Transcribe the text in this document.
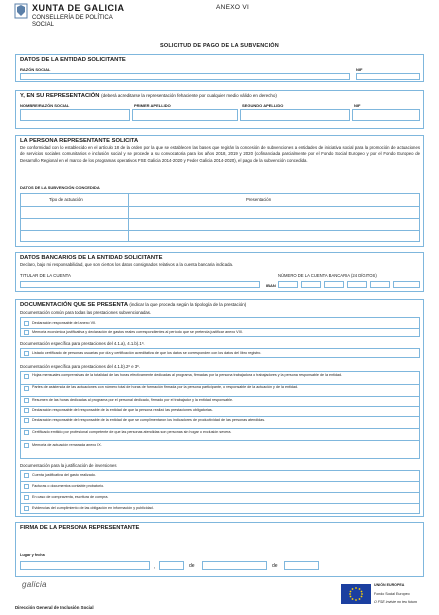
XUNTA DE GALICIA
CONSELLERÍA DE POLÍTICA
SOCIAL
ANEXO VI
SOLICITUD DE PAGO DE LA SUBVENCIÓN
DATOS DE LA ENTIDAD SOLICITANTE
RAZÓN SOCIAL	NIF
Y, EN SU REPRESENTACIÓN (deberá acreditarse la representación fehaciente por cualquier medio válido en derecho)
NOMBRE/RAZÓN SOCIAL	PRIMER APELLIDO	SEGUNDO APELLIDO	NIF
LA PERSONA REPRESENTANTE SOLICITA
De conformidad con lo establecido en el artículo 18 de la orden por la que se establecen las bases que regirán la concesión de subvenciones a entidades de iniciativa social para la promoción de actuaciones de servicios sociales comunitarios e inclusión social y se procede a su convocatoria para los años 2018, 2019 y 2020 (cofinanciada parcialmente por el Fondo Social Europeo y por el Fondo Europeo de Desarrollo Regional en el marco de los programas operativos FSE Galicia 2014-2020 y Feder Galicia 2014-2020), el pago de la subvención concedida.
DATOS DE LA SUBVENCIÓN CONCEDIDA
Tipo de actuación	Presentación
DATOS BANCARIOS DE LA ENTIDAD SOLICITANTE
Declaro, bajo mi responsabilidad, que son ciertos los datos consignados relativos a la cuenta bancaria indicada.
TITULAR DE LA CUENTA	NÚMERO DE LA CUENTA BANCARIA (24 DÍGITOS)
IBAN
DOCUMENTACIÓN QUE SE PRESENTA (indicar la que proceda según la tipología de la prestación)
Documentación común para todas las prestaciones subvencionadas.
Declaración responsable del anexo VII.
Memoria económica justificativa y declaración de gastos reales correspondientes al período que se pretenda justificar anexo VIII.
Documentación específica para prestaciones del 4.1.a), 4.1.b).1º.
Listado certificado de personas usuarias por día y certificación acreditativa de que los datos se corresponden con los datos del libro registro.
Documentación específica para prestaciones del 4.1.b).2º e 3º.
Hojas mensuales comprensivas de la totalidad de las horas efectivamente dedicadas al programa, firmadas por la persona trabajadora o trabajadores y la persona responsable de la entidad.
Partes de asistencia de las actuaciones con número total de horas de formación firmada por la persona participante, o responsable de la actuación y de la entidad.
Resumen de las horas dedicadas al programa por el personal dedicado, firmado por el trabajador y la entidad responsable.
Declaración responsable del responsable de la entidad de que la persona realizó las prestaciones obligatorias.
Declaración responsable del responsable de la entidad de que se cumplimentaron los indicadores de productividad de las personas atendidas.
Certificado emitido por profesional competente de que las personas atendidas son personas sin hogar o exclusión severa.
Memoria de actuación remarada anexo IX.
Documentación para la justificación de inversiones
Cuenta justificativa del gasto realizado.
Facturas o documentos contable probatorio.
En caso de compraventa, escritura de compra.
Evidencias del cumplimiento de las obligación en información y publicidad.
FIRMA DE LA PERSONA REPRESENTANTE
Lugar y fecha
,	de	de
galicia
Dirección General de Inclusión Social
UNIÓN EUROPEA
Fondo Social Europeo
O FSE inviste no teu futuro
